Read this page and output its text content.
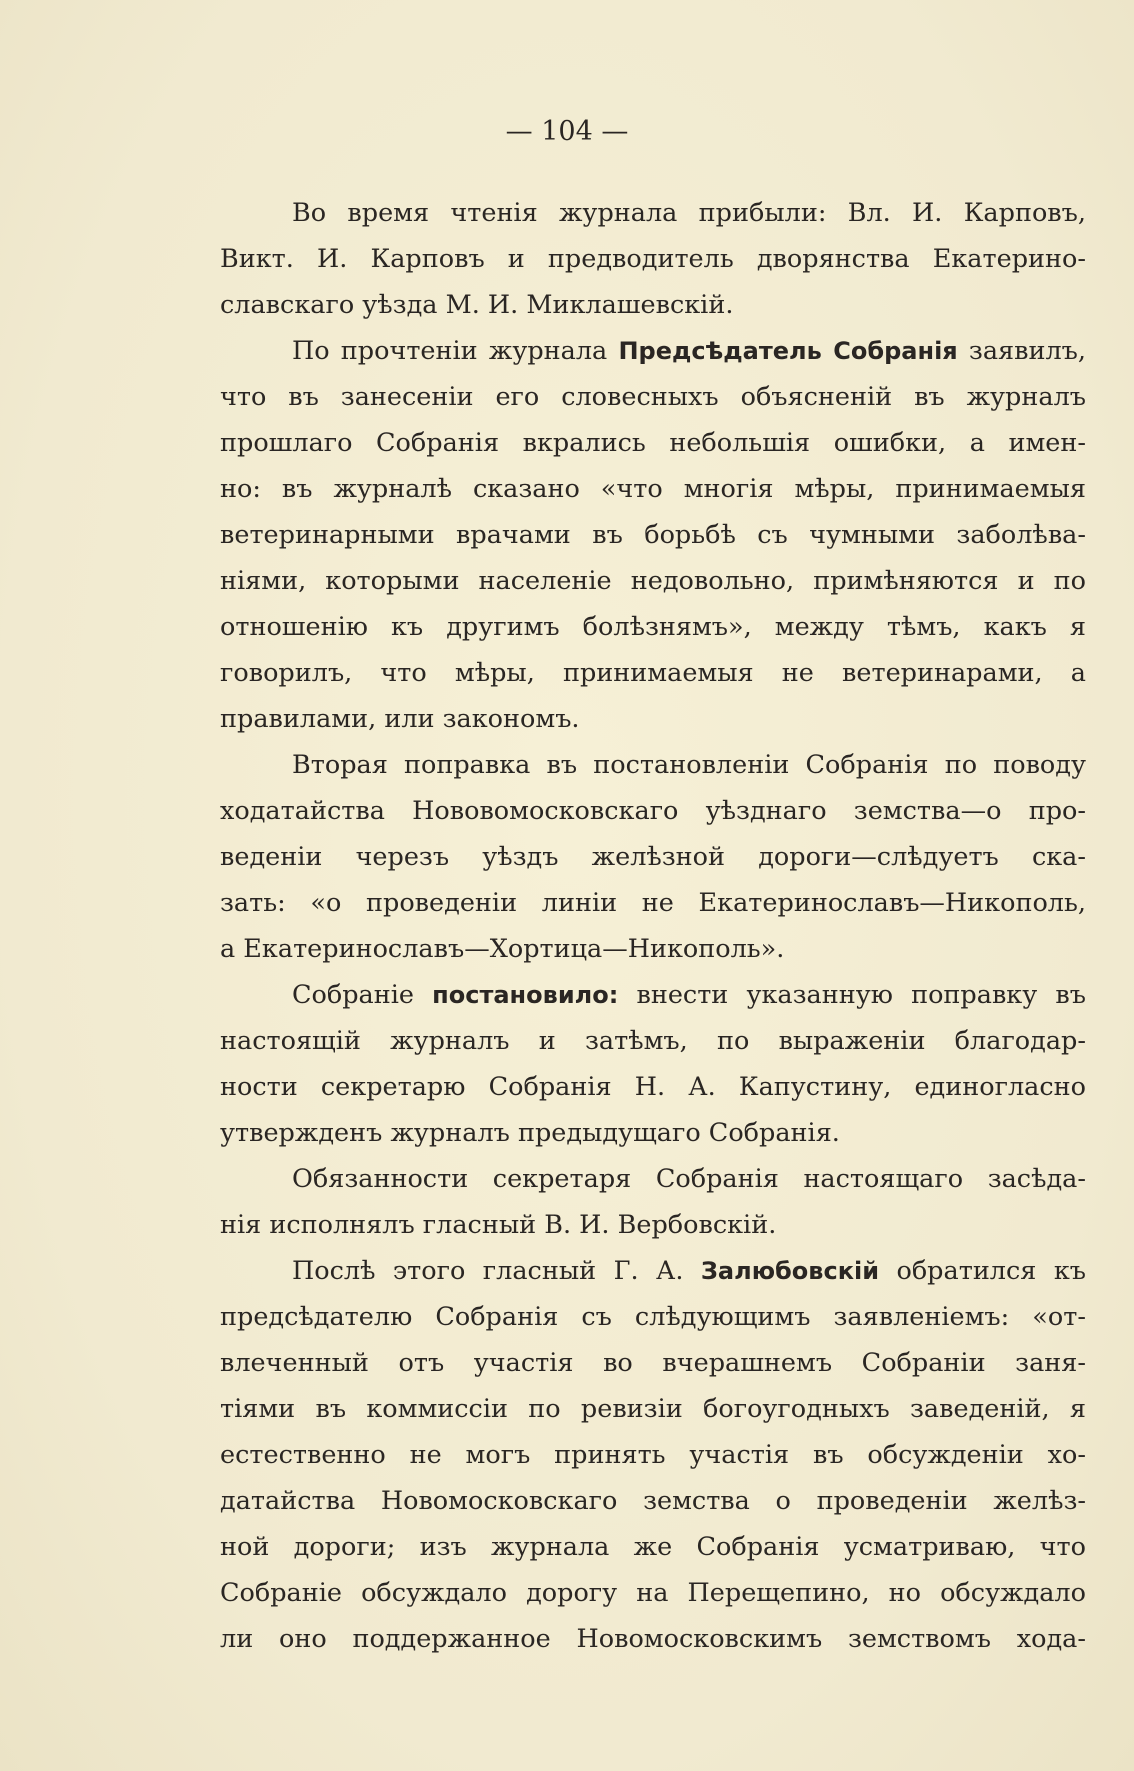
— 104 —
Во время чтенія журнала прибыли: Вл. И. Карповъ,
Викт. И. Карповъ и предводитель дворянства Екатерино-
славскаго уѣзда М. И. Миклашевскій.
По прочтеніи журнала Предсѣдатель Собранія заявилъ,
что въ занесеніи его словесныхъ объясненій въ журналъ
прошлаго Собранія вкрались небольшія ошибки, а имен-
но: въ журналѣ сказано «что многія мѣры, принимаемыя
ветеринарными врачами въ борьбѣ съ чумными заболѣва-
ніями, которыми населеніе недовольно, примѣняются и по
отношенію къ другимъ болѣзнямъ», между тѣмъ, какъ я
говорилъ, что мѣры, принимаемыя не ветеринарами, а
правилами, или закономъ.
Вторая поправка въ постановленіи Собранія по поводу
ходатайства Нововомосковскаго уѣзднаго земства—о про-
веденіи черезъ уѣздъ желѣзной дороги—слѣдуетъ ска-
зать: «о проведеніи линіи не Екатеринославъ—Никополь,
а Екатеринославъ—Хортица—Никополь».
Собраніе постановило: внести указанную поправку въ
настоящій журналъ и затѣмъ, по выраженіи благодар-
ности секретарю Собранія Н. А. Капустину, единогласно
утвержденъ журналъ предыдущаго Собранія.
Обязанности секретаря Собранія настоящаго засѣда-
нія исполнялъ гласный В. И. Вербовскій.
Послѣ этого гласный Г. А. Залюбовскій обратился къ
предсѣдателю Собранія съ слѣдующимъ заявленіемъ: «от-
влеченный отъ участія во вчерашнемъ Собраніи заня-
тіями въ коммиссіи по ревизіи богоугодныхъ заведеній, я
естественно не могъ принять участія въ обсужденіи хо-
датайства Новомосковскаго земства о проведеніи желѣз-
ной дороги; изъ журнала же Собранія усматриваю, что
Собраніе обсуждало дорогу на Перещепино, но обсуждало
ли оно поддержанное Новомосковскимъ земствомъ хода-
